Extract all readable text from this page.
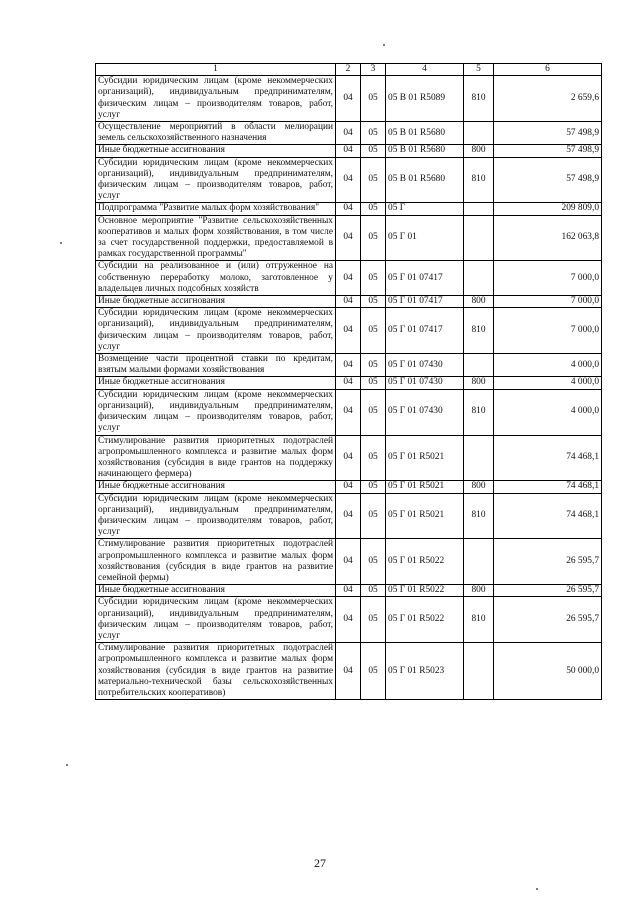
1	2	3	4	5	6
Субсидии юридическим лицам (кроме некоммерческих организаций), индивидуальным предпринимателям, физическим лицам – производителям товаров, работ, услуг	04	05	05 В 01 R5089	810	2 659,6
Осуществление мероприятий в области мелиорации земель сельскохозяйственного назначения	04	05	05 В 01 R5680		57 498,9
Иные бюджетные ассигнования	04	05	05 В 01 R5680	800	57 498,9
Субсидии юридическим лицам (кроме некоммерческих организаций), индивидуальным предпринимателям, физическим лицам – производителям товаров, работ, услуг	04	05	05 В 01 R5680	810	57 498,9
Подпрограмма "Развитие малых форм хозяйствования"	04	05	05 Г		209 809,0
Основное мероприятие "Развитие сельскохозяйственных кооперативов и малых форм хозяйствования, в том числе за счет государственной поддержки, предоставляемой в рамках государственной программы"	04	05	05 Г 01		162 063,8
Субсидии на реализованное и (или) отгруженное на собственную переработку молоко, заготовленное у владельцев личных подсобных хозяйств	04	05	05 Г 01 07417		7 000,0
Иные бюджетные ассигнования	04	05	05 Г 01 07417	800	7 000,0
Субсидии юридическим лицам (кроме некоммерческих организаций), индивидуальным предпринимателям, физическим лицам – производителям товаров, работ, услуг	04	05	05 Г 01 07417	810	7 000,0
Возмещение части процентной ставки по кредитам, взятым малыми формами хозяйствования	04	05	05 Г 01 07430		4 000,0
Иные бюджетные ассигнования	04	05	05 Г 01 07430	800	4 000,0
Субсидии юридическим лицам (кроме некоммерческих организаций), индивидуальным предпринимателям, физическим лицам – производителям товаров, работ, услуг	04	05	05 Г 01 07430	810	4 000,0
Стимулирование развития приоритетных подотраслей агропромышленного комплекса и развитие малых форм хозяйствования (субсидия в виде грантов на поддержку начинающего фермера)	04	05	05 Г 01 R5021		74 468,1
Иные бюджетные ассигнования	04	05	05 Г 01 R5021	800	74 468,1
Субсидии юридическим лицам (кроме некоммерческих организаций), индивидуальным предпринимателям, физическим лицам – производителям товаров, работ, услуг	04	05	05 Г 01 R5021	810	74 468,1
Стимулирование развития приоритетных подотраслей агропромышленного комплекса и развитие малых форм хозяйствования (субсидия в виде грантов на развитие семейной фермы)	04	05	05 Г 01 R5022		26 595,7
Иные бюджетные ассигнования	04	05	05 Г 01 R5022	800	26 595,7
Субсидии юридическим лицам (кроме некоммерческих организаций), индивидуальным предпринимателям, физическим лицам – производителям товаров, работ, услуг	04	05	05 Г 01 R5022	810	26 595,7
Стимулирование развития приоритетных подотраслей агропромышленного комплекса и развитие малых форм хозяйствования (субсидия в виде грантов на развитие материально-технической базы сельскохозяйственных потребительских кооперативов)	04	05	05 Г 01 R5023		50 000,0
27
